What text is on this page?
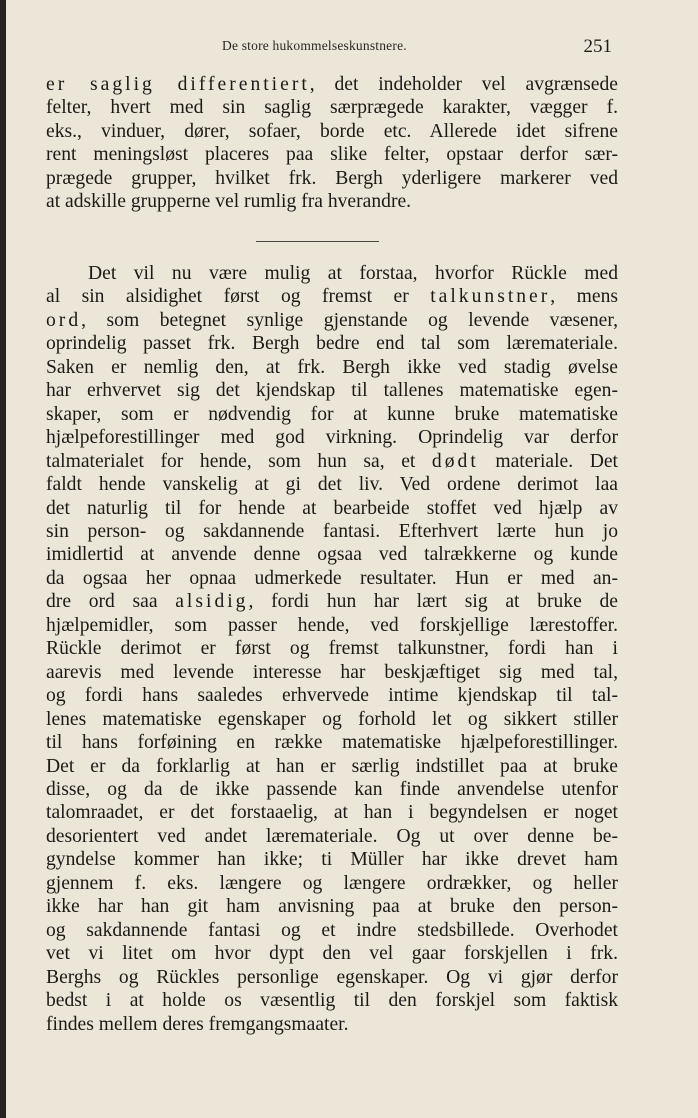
De store hukommelseskunstnere.	251
er saglig differentiert, det indeholder vel avgrænsede
felter, hvert med sin saglig særprægede karakter, vægger f.
eks., vinduer, dører, sofaer, borde etc. Allerede idet sifrene
rent meningsløst placeres paa slike felter, opstaar derfor sær-
prægede grupper, hvilket frk. Bergh yderligere markerer ved
at adskille grupperne vel rumlig fra hverandre.
Det vil nu være mulig at forstaa, hvorfor Rückle med
al sin alsidighet først og fremst er talkunstner, mens
ord, som betegnet synlige gjenstande og levende væsener,
oprindelig passet frk. Bergh bedre end tal som læremateriale.
Saken er nemlig den, at frk. Bergh ikke ved stadig øvelse
har erhvervet sig det kjendskap til tallenes matematiske egen-
skaper, som er nødvendig for at kunne bruke matematiske
hjælpeforestillinger med god virkning. Oprindelig var derfor
talmaterialet for hende, som hun sa, et dødt materiale. Det
faldt hende vanskelig at gi det liv. Ved ordene derimot laa
det naturlig til for hende at bearbeide stoffet ved hjælp av
sin person- og sakdannende fantasi. Efterhvert lærte hun jo
imidlertid at anvende denne ogsaa ved talrækkerne og kunde
da ogsaa her opnaa udmerkede resultater. Hun er med an-
dre ord saa alsidig, fordi hun har lært sig at bruke de
hjælpemidler, som passer hende, ved forskjellige lærestoffer.
Rückle derimot er først og fremst talkunstner, fordi han i
aarevis med levende interesse har beskjæftiget sig med tal,
og fordi hans saaledes erhvervede intime kjendskap til tal-
lenes matematiske egenskaper og forhold let og sikkert stiller
til hans forføining en række matematiske hjælpeforestillinger.
Det er da forklarlig at han er særlig indstillet paa at bruke
disse, og da de ikke passende kan finde anvendelse utenfor
talomraadet, er det forstaaelig, at han i begyndelsen er noget
desorientert ved andet læremateriale. Og ut over denne be-
gyndelse kommer han ikke; ti Müller har ikke drevet ham
gjennem f. eks. længere og længere ordrækker, og heller
ikke har han git ham anvisning paa at bruke den person-
og sakdannende fantasi og et indre stedsbillede. Overhodet
vet vi litet om hvor dypt den vel gaar forskjellen i frk.
Berghs og Rückles personlige egenskaper. Og vi gjør derfor
bedst i at holde os væsentlig til den forskjel som faktisk
findes mellem deres fremgangsmaater.
